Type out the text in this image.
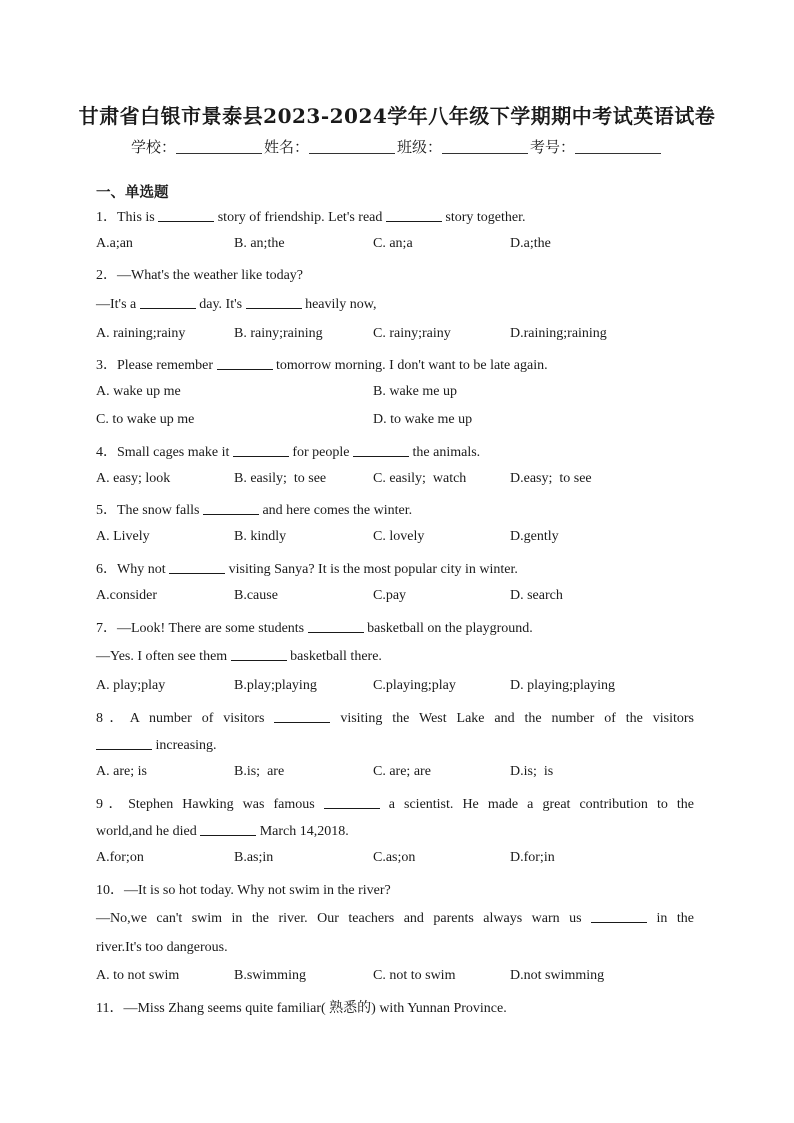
甘肃省白银市景泰县2023-2024学年八年级下学期期中考试英语试卷
学校：	姓名：	班级：	考号：
一、单选题
1．This is	story of friendship. Let's read	story together.
A.a;an	B. an;the	C. an;a	D.a;the
2．—What's the weather like today?
—It's a	day. It's	heavily now,
A. raining;rainy	B. rainy;raining	C. rainy;rainy	D.raining;raining
3．Please remember	tomorrow morning. I don't want to be late again.
A. wake up me	B. wake me up
C. to wake up me	D. to wake me up
4．Small cages make it	for people	the animals.
A. easy; look	B. easily;  to see	C. easily;  watch	D.easy;  to see
5．The snow falls	and here comes the winter.
A. Lively	B. kindly	C. lovely	D.gently
6．Why not	visiting Sanya? It is the most popular city in winter.
A.consider	B.cause	C.pay	D. search
7．—Look! There are some students	basketball on the playground.
—Yes. I often see them	basketball there.
A. play;play	B.play;playing	C.playing;play	D. playing;playing
8．A number of visitors	visiting the West Lake and the number of the visitors
increasing.
A. are; is	B.is;  are	C. are; are	D.is;  is
9．Stephen Hawking was famous	a scientist. He made a great contribution to the
world,and he died	March 14,2018.
A.for;on	B.as;in	C.as;on	D.for;in
10．—It is so hot today. Why not swim in the river?
—No,we can't swim in the river. Our teachers and parents always warn us	in the
river.It's too dangerous.
A. to not swim	B.swimming	C. not to swim	D.not swimming
11．—Miss Zhang seems quite familiar( 熟悉的) with Yunnan Province.
